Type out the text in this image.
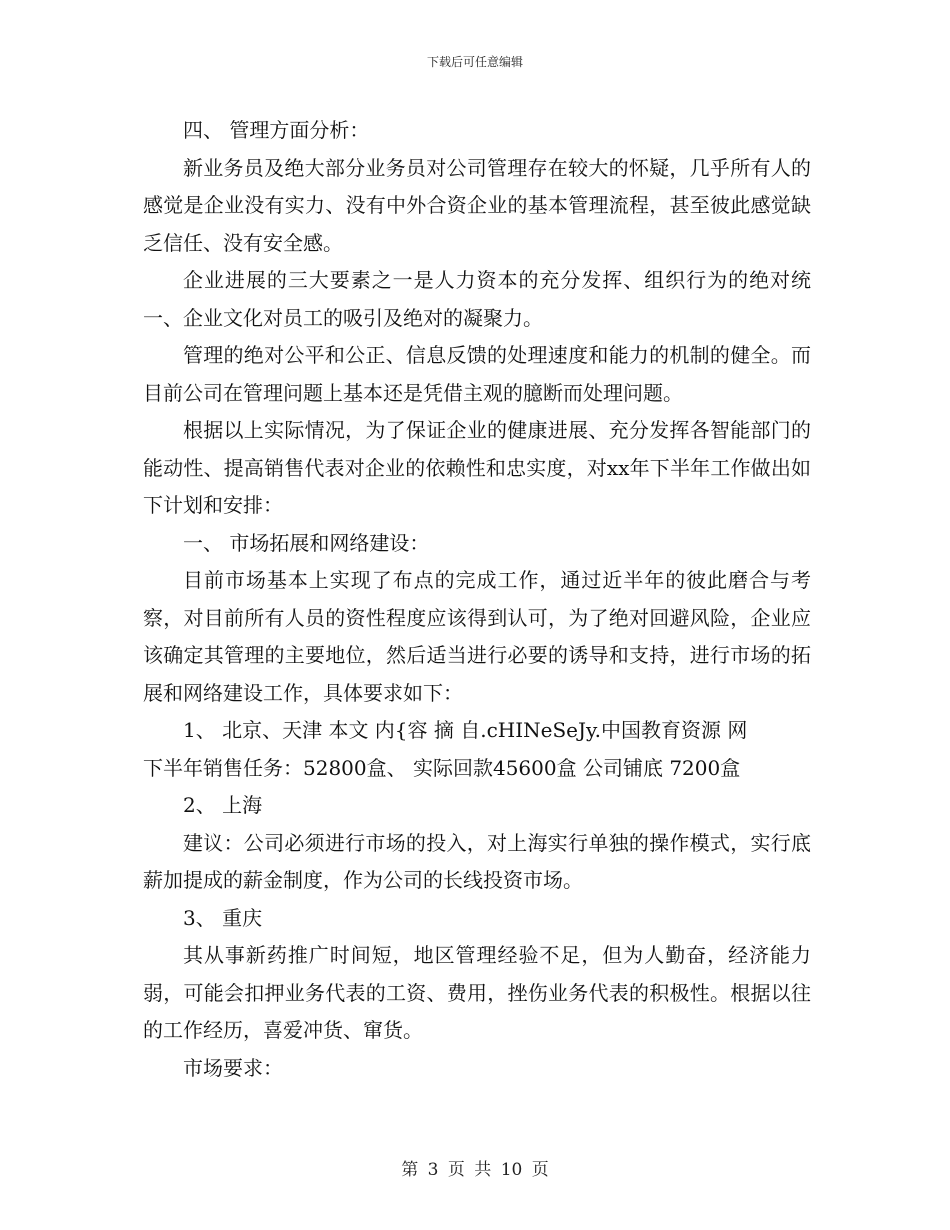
下载后可任意编辑

四、 管理方面分析：

新业务员及绝大部分业务员对公司管理存在较大的怀疑，几乎所有人的感觉是企业没有实力、没有中外合资企业的基本管理流程，甚至彼此感觉缺乏信任、没有安全感。

企业进展的三大要素之一是人力资本的充分发挥、组织行为的绝对统一、企业文化对员工的吸引及绝对的凝聚力。

管理的绝对公平和公正、信息反馈的处理速度和能力的机制的健全。而目前公司在管理问题上基本还是凭借主观的臆断而处理问题。

根据以上实际情况，为了保证企业的健康进展、充分发挥各智能部门的能动性、提高销售代表对企业的依赖性和忠实度，对xx年下半年工作做出如下计划和安排：

一、 市场拓展和网络建设：

目前市场基本上实现了布点的完成工作，通过近半年的彼此磨合与考察，对目前所有人员的资性程度应该得到认可，为了绝对回避风险，企业应该确定其管理的主要地位，然后适当进行必要的诱导和支持，进行市场的拓展和网络建设工作，具体要求如下：

1、 北京、天津 本文 内{容 摘 自.cHINeSeJy.中国教育资源 网

下半年销售任务：52800盒、 实际回款45600盒 公司铺底 7200盒

2、 上海

建议：公司必须进行市场的投入，对上海实行单独的操作模式，实行底薪加提成的薪金制度，作为公司的长线投资市场。

3、 重庆

其从事新药推广时间短，地区管理经验不足，但为人勤奋，经济能力弱，可能会扣押业务代表的工资、费用，挫伤业务代表的积极性。根据以往的工作经历，喜爱冲货、窜货。

市场要求：

第 3 页 共 10 页
